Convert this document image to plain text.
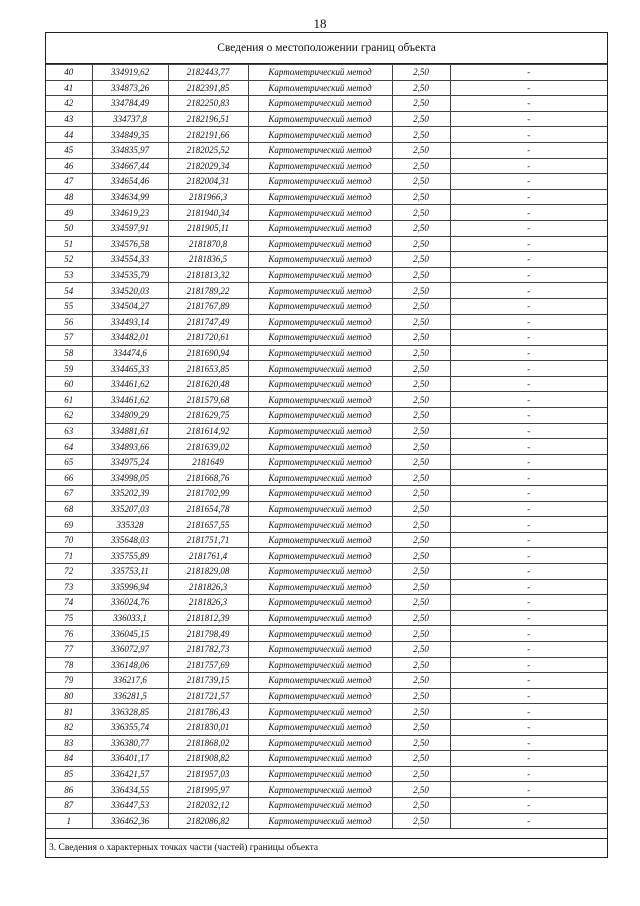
18
Сведения о местоположении границ объекта
40	334919,62	2182443,77	Картометрический метод	2,50	-
41	334873,26	2182391,85	Картометрический метод	2,50	-
42	334784,49	2182250,83	Картометрический метод	2,50	-
43	334737,8	2182196,51	Картометрический метод	2,50	-
44	334849,35	2182191,66	Картометрический метод	2,50	-
45	334835,97	2182025,52	Картометрический метод	2,50	-
46	334667,44	2182029,34	Картометрический метод	2,50	-
47	334654,46	2182004,31	Картометрический метод	2,50	-
48	334634,99	2181966,3	Картометрический метод	2,50	-
49	334619,23	2181940,34	Картометрический метод	2,50	-
50	334597,91	2181905,11	Картометрический метод	2,50	-
51	334576,58	2181870,8	Картометрический метод	2,50	-
52	334554,33	2181836,5	Картометрический метод	2,50	-
53	334535,79	2181813,32	Картометрический метод	2,50	-
54	334520,03	2181789,22	Картометрический метод	2,50	-
55	334504,27	2181767,89	Картометрический метод	2,50	-
56	334493,14	2181747,49	Картометрический метод	2,50	-
57	334482,01	2181720,61	Картометрический метод	2,50	-
58	334474,6	2181690,94	Картометрический метод	2,50	-
59	334465,33	2181653,85	Картометрический метод	2,50	-
60	334461,62	2181620,48	Картометрический метод	2,50	-
61	334461,62	2181579,68	Картометрический метод	2,50	-
62	334809,29	2181629,75	Картометрический метод	2,50	-
63	334881,61	2181614,92	Картометрический метод	2,50	-
64	334893,66	2181639,02	Картометрический метод	2,50	-
65	334975,24	2181649	Картометрический метод	2,50	-
66	334998,05	2181668,76	Картометрический метод	2,50	-
67	335202,39	2181702,99	Картометрический метод	2,50	-
68	335207,03	2181654,78	Картометрический метод	2,50	-
69	335328	2181657,55	Картометрический метод	2,50	-
70	335648,03	2181751,71	Картометрический метод	2,50	-
71	335755,89	2181761,4	Картометрический метод	2,50	-
72	335753,11	2181829,08	Картометрический метод	2,50	-
73	335996,94	2181826,3	Картометрический метод	2,50	-
74	336024,76	2181826,3	Картометрический метод	2,50	-
75	336033,1	2181812,39	Картометрический метод	2,50	-
76	336045,15	2181798,49	Картометрический метод	2,50	-
77	336072,97	2181782,73	Картометрический метод	2,50	-
78	336148,06	2181757,69	Картометрический метод	2,50	-
79	336217,6	2181739,15	Картометрический метод	2,50	-
80	336281,5	2181721,57	Картометрический метод	2,50	-
81	336328,85	2181786,43	Картометрический метод	2,50	-
82	336355,74	2181830,01	Картометрический метод	2,50	-
83	336380,77	2181868,02	Картометрический метод	2,50	-
84	336401,17	2181908,82	Картометрический метод	2,50	-
85	336421,57	2181957,03	Картометрический метод	2,50	-
86	336434,55	2181995,97	Картометрический метод	2,50	-
87	336447,53	2182032,12	Картометрический метод	2,50	-
1	336462,36	2182086,82	Картометрический метод	2,50	-
3. Сведения о характерных точках части (частей) границы объекта
